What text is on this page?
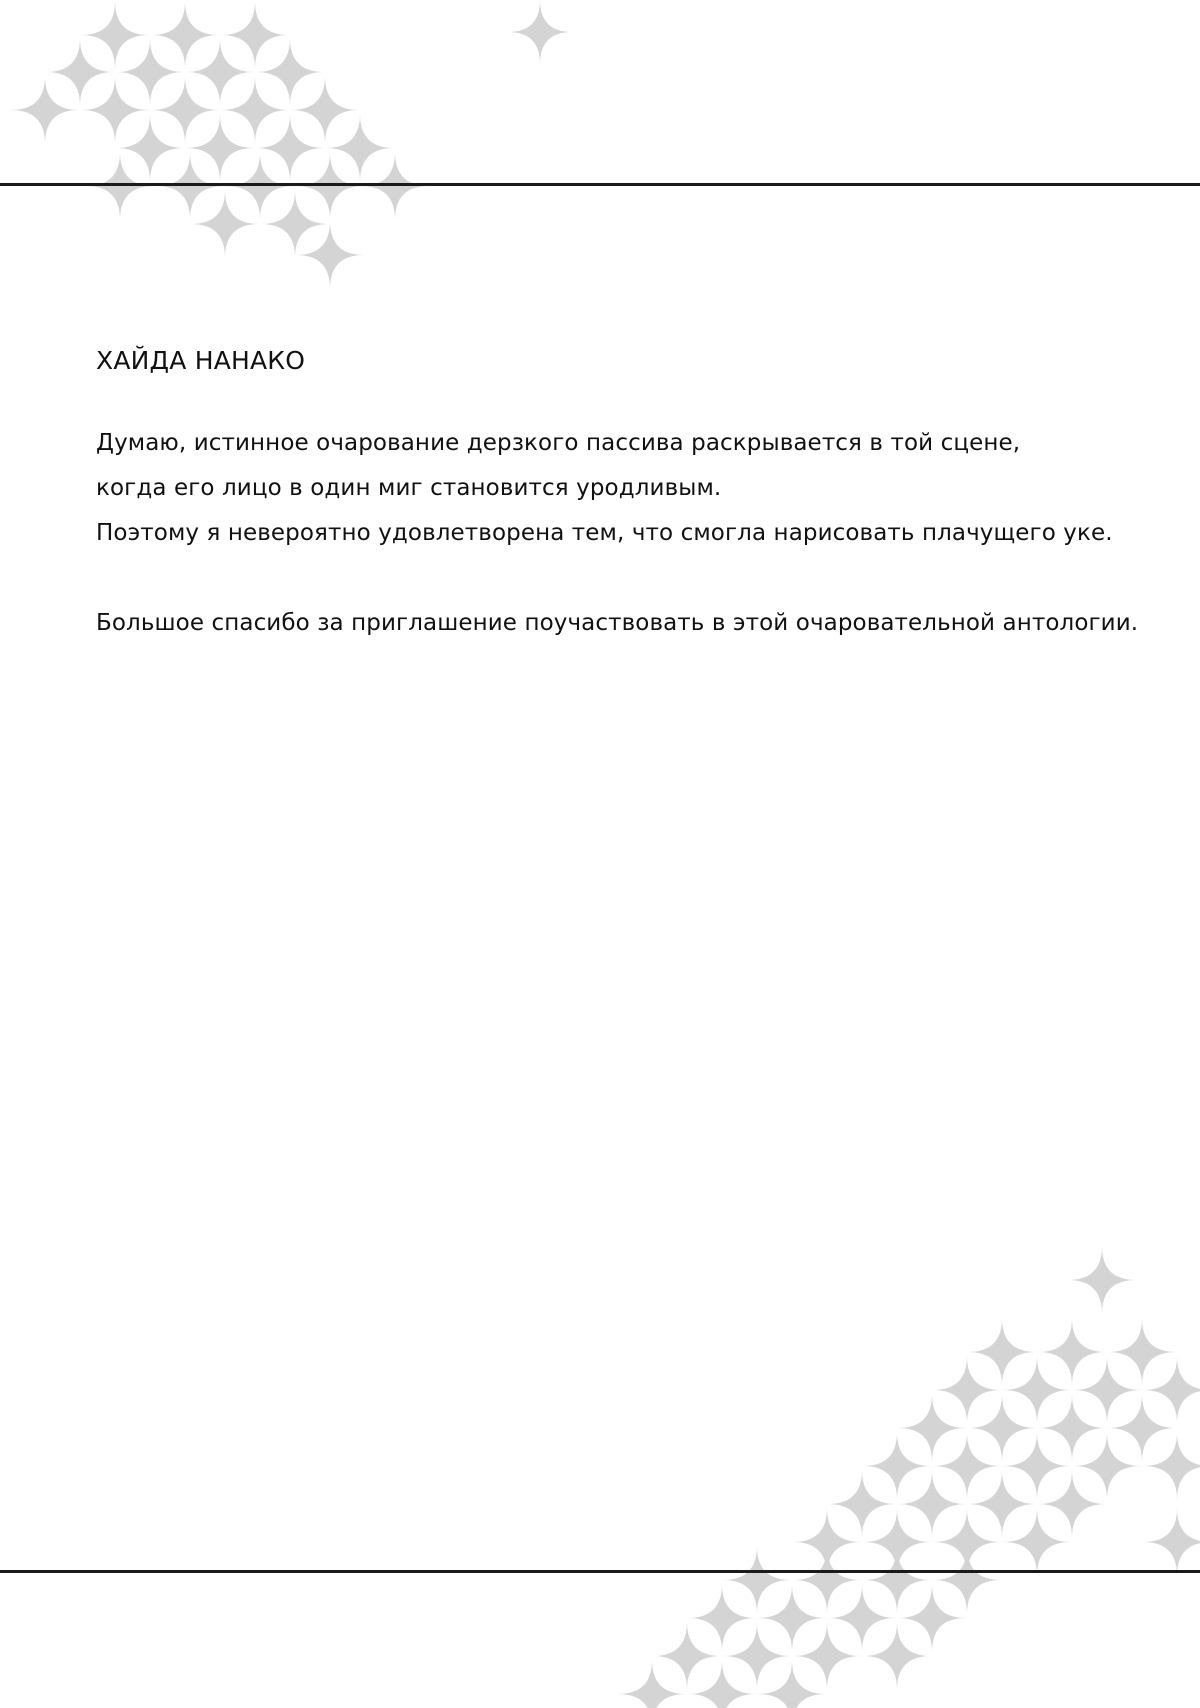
ХАЙДА НАНАКО
Думаю, истинное очарование дерзкого пассива раскрывается в той сцене,
когда его лицо в один миг становится уродливым.
Поэтому я невероятно удовлетворена тем, что смогла нарисовать плачущего уке.
Большое спасибо за приглашение поучаствовать в этой очаровательной антологии.
